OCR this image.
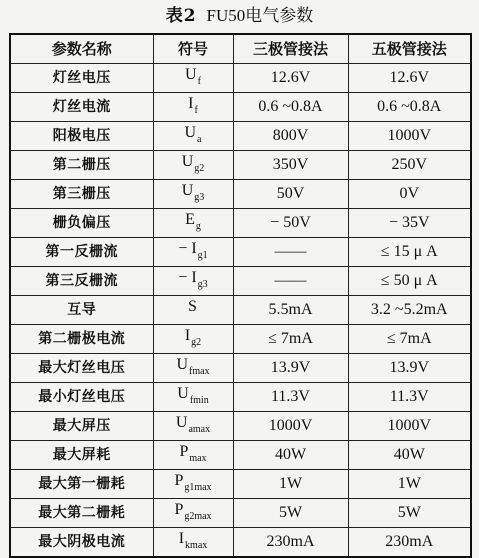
表2 FU50电气参数
参数名称	符号	三极管接法	五极管接法
灯丝电压	$U_f$	12.6V	12.6V
灯丝电流	$I_f$	0.6 ~0.8A	0.6 ~0.8A
阳极电压	$U_a$	800V	1000V
第二栅压	$U_{g2}$	350V	250V
第三栅压	$U_{g3}$	50V	0V
栅负偏压	$E_g$	− 50V	− 35V
第一反栅流	− $I_{g1}$	——	≤ 15 μ A
第三反栅流	− $I_{g3}$	——	≤ 50 μ A
互导	S	5.5mA	3.2 ~5.2mA
第二栅极电流	$I_{g2}$	≤ 7mA	≤ 7mA
最大灯丝电压	$U_{fmax}$	13.9V	13.9V
最小灯丝电压	$U_{fmin}$	11.3V	11.3V
最大屏压	$U_{amax}$	1000V	1000V
最大屏耗	$P_{max}$	40W	40W
最大第一栅耗	$P_{g1max}$	1W	1W
最大第二栅耗	$P_{g2max}$	5W	5W
最大阴极电流	$I_{kmax}$	230mA	230mA
